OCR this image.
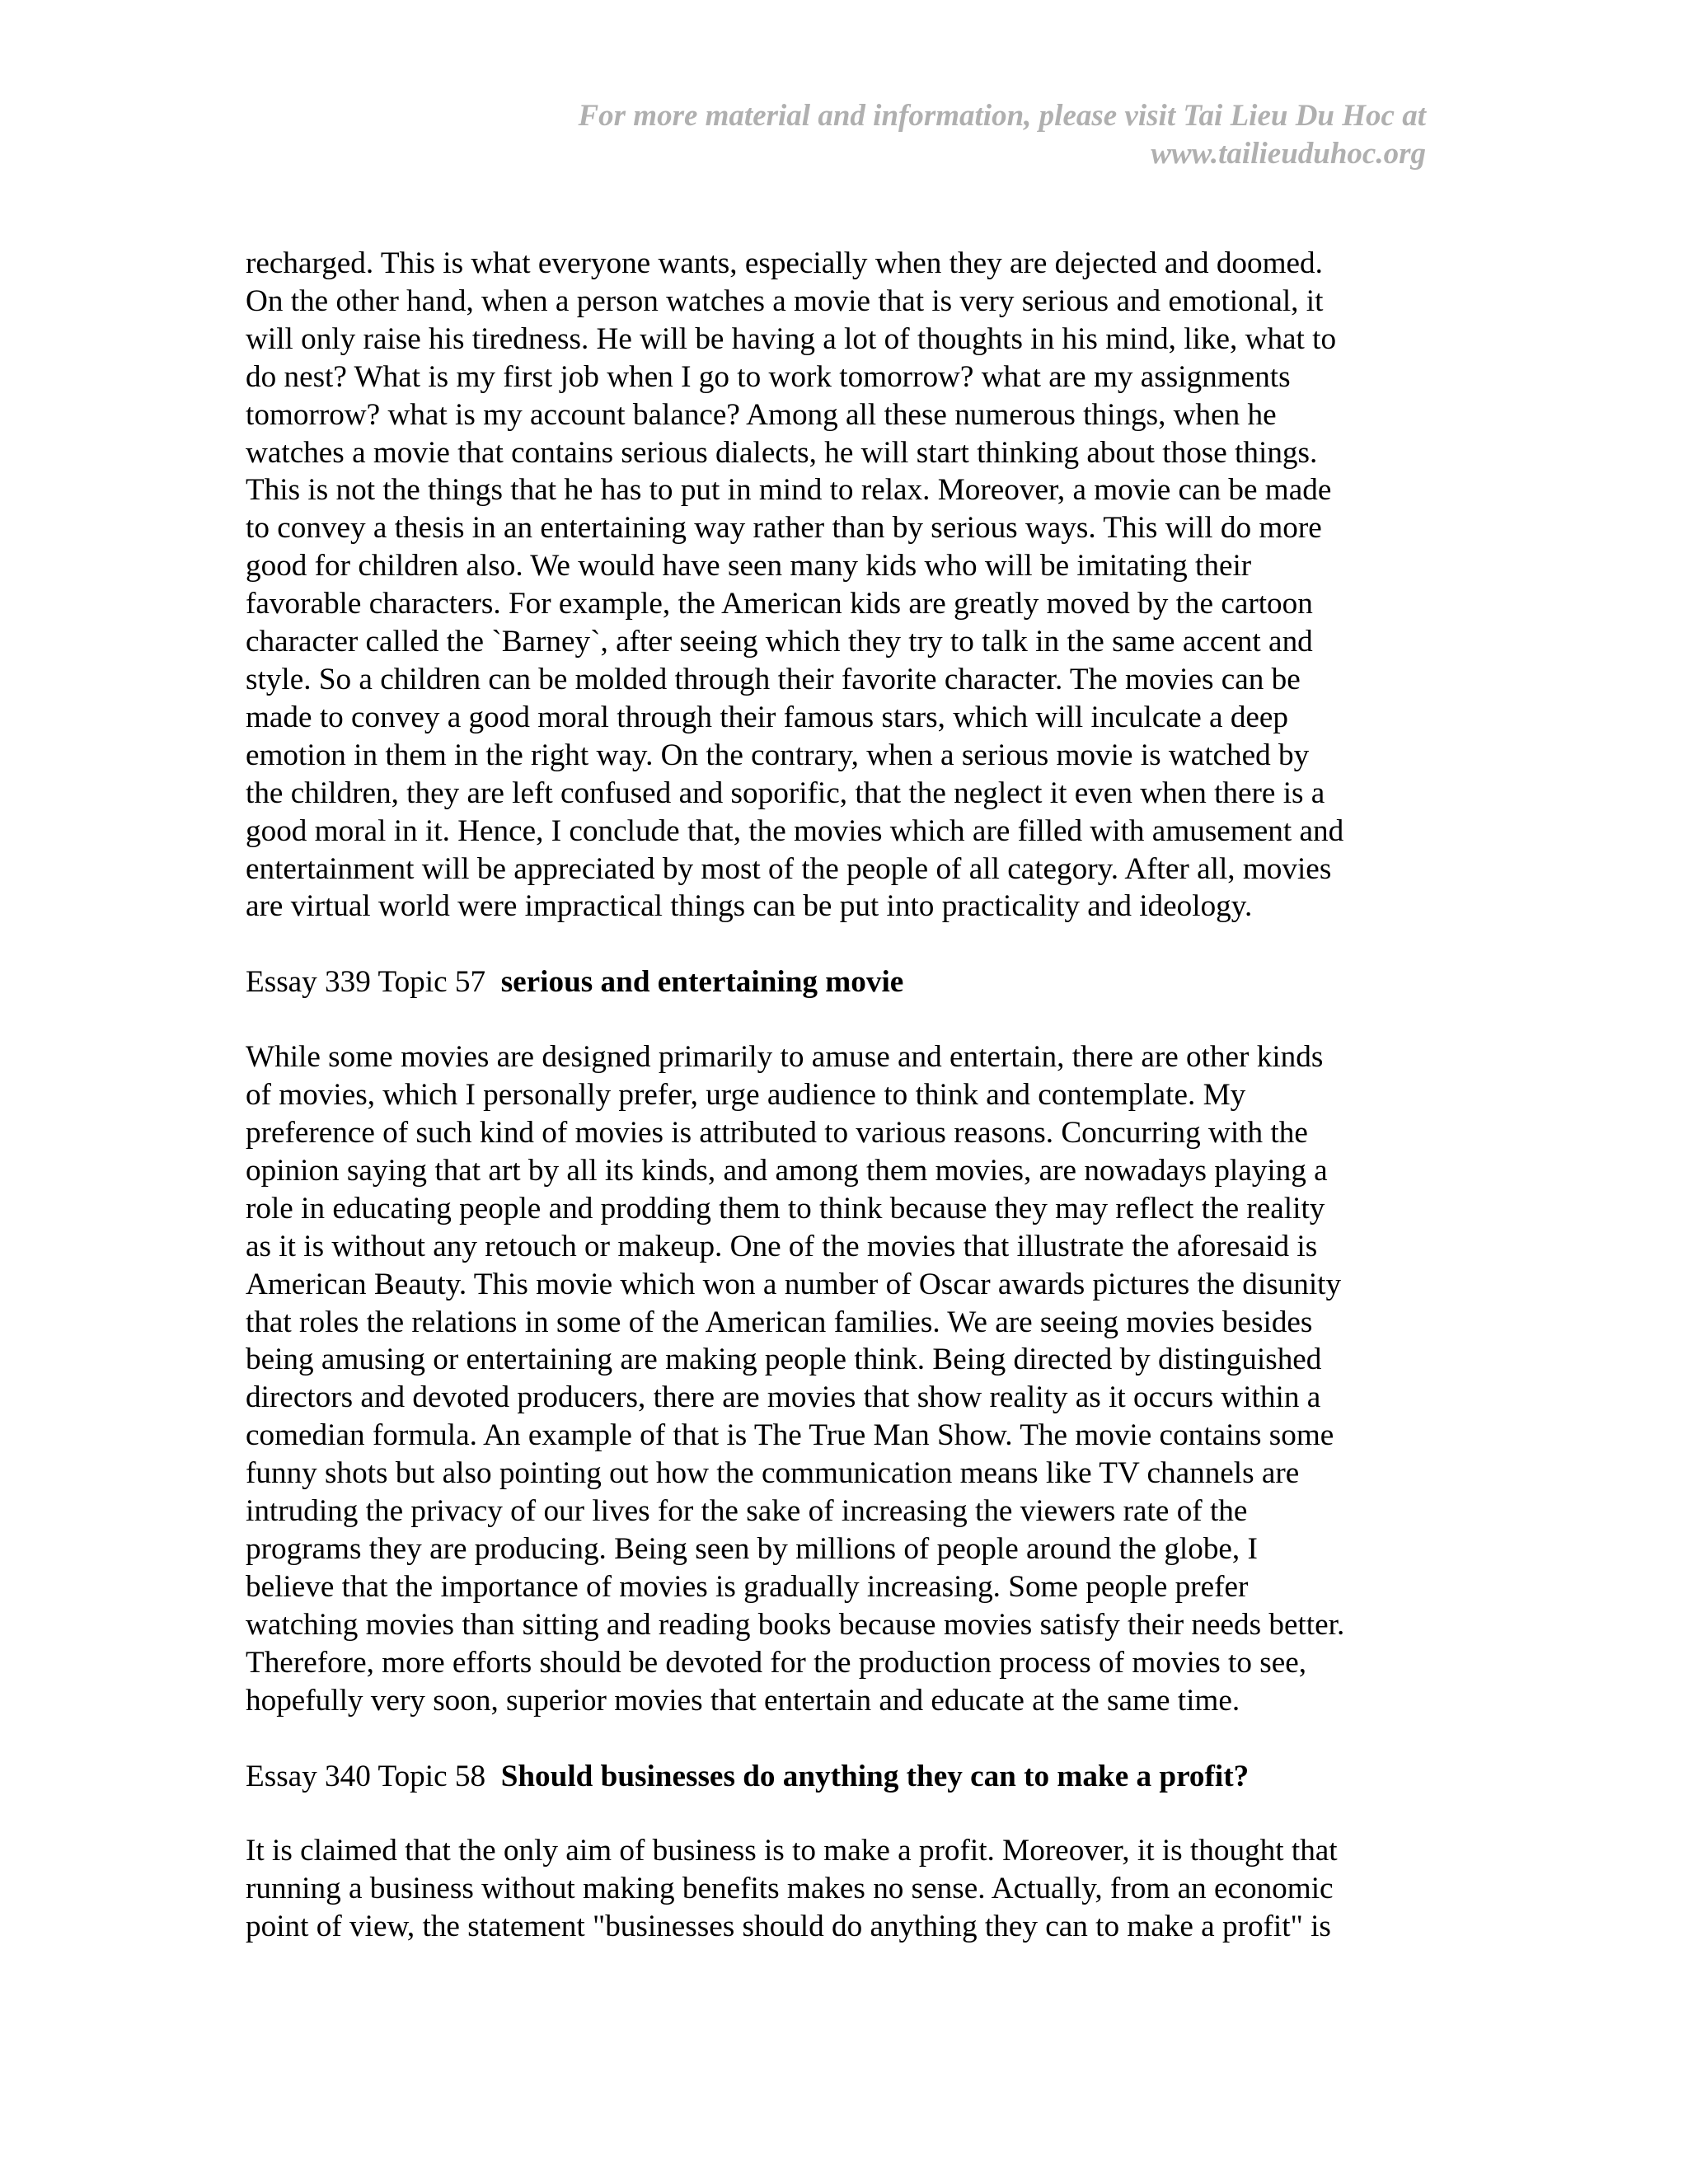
For more material and information, please visit Tai Lieu Du Hoc at
www.tailieuduhoc.org

recharged. This is what everyone wants, especially when they are dejected and doomed.
On the other hand, when a person watches a movie that is very serious and emotional, it
will only raise his tiredness. He will be having a lot of thoughts in his mind, like, what to
do nest? What is my first job when I go to work tomorrow? what are my assignments
tomorrow? what is my account balance? Among all these numerous things, when he
watches a movie that contains serious dialects, he will start thinking about those things.
This is not the things that he has to put in mind to relax. Moreover, a movie can be made
to convey a thesis in an entertaining way rather than by serious ways. This will do more
good for children also. We would have seen many kids who will be imitating their
favorable characters. For example, the American kids are greatly moved by the cartoon
character called the `Barney`, after seeing which they try to talk in the same accent and
style. So a children can be molded through their favorite character. The movies can be
made to convey a good moral through their famous stars, which will inculcate a deep
emotion in them in the right way. On the contrary, when a serious movie is watched by
the children, they are left confused and soporific, that the neglect it even when there is a
good moral in it. Hence, I conclude that, the movies which are filled with amusement and
entertainment will be appreciated by most of the people of all category. After all, movies
are virtual world were impractical things can be put into practicality and ideology.

Essay 339 Topic 57 serious and entertaining movie

While some movies are designed primarily to amuse and entertain, there are other kinds
of movies, which I personally prefer, urge audience to think and contemplate. My
preference of such kind of movies is attributed to various reasons. Concurring with the
opinion saying that art by all its kinds, and among them movies, are nowadays playing a
role in educating people and prodding them to think because they may reflect the reality
as it is without any retouch or makeup. One of the movies that illustrate the aforesaid is
American Beauty. This movie which won a number of Oscar awards pictures the disunity
that roles the relations in some of the American families. We are seeing movies besides
being amusing or entertaining are making people think. Being directed by distinguished
directors and devoted producers, there are movies that show reality as it occurs within a
comedian formula. An example of that is The True Man Show. The movie contains some
funny shots but also pointing out how the communication means like TV channels are
intruding the privacy of our lives for the sake of increasing the viewers rate of the
programs they are producing. Being seen by millions of people around the globe, I
believe that the importance of movies is gradually increasing. Some people prefer
watching movies than sitting and reading books because movies satisfy their needs better.
Therefore, more efforts should be devoted for the production process of movies to see,
hopefully very soon, superior movies that entertain and educate at the same time.

Essay 340 Topic 58 Should businesses do anything they can to make a profit?

It is claimed that the only aim of business is to make a profit. Moreover, it is thought that
running a business without making benefits makes no sense. Actually, from an economic
point of view, the statement "businesses should do anything they can to make a profit" is
